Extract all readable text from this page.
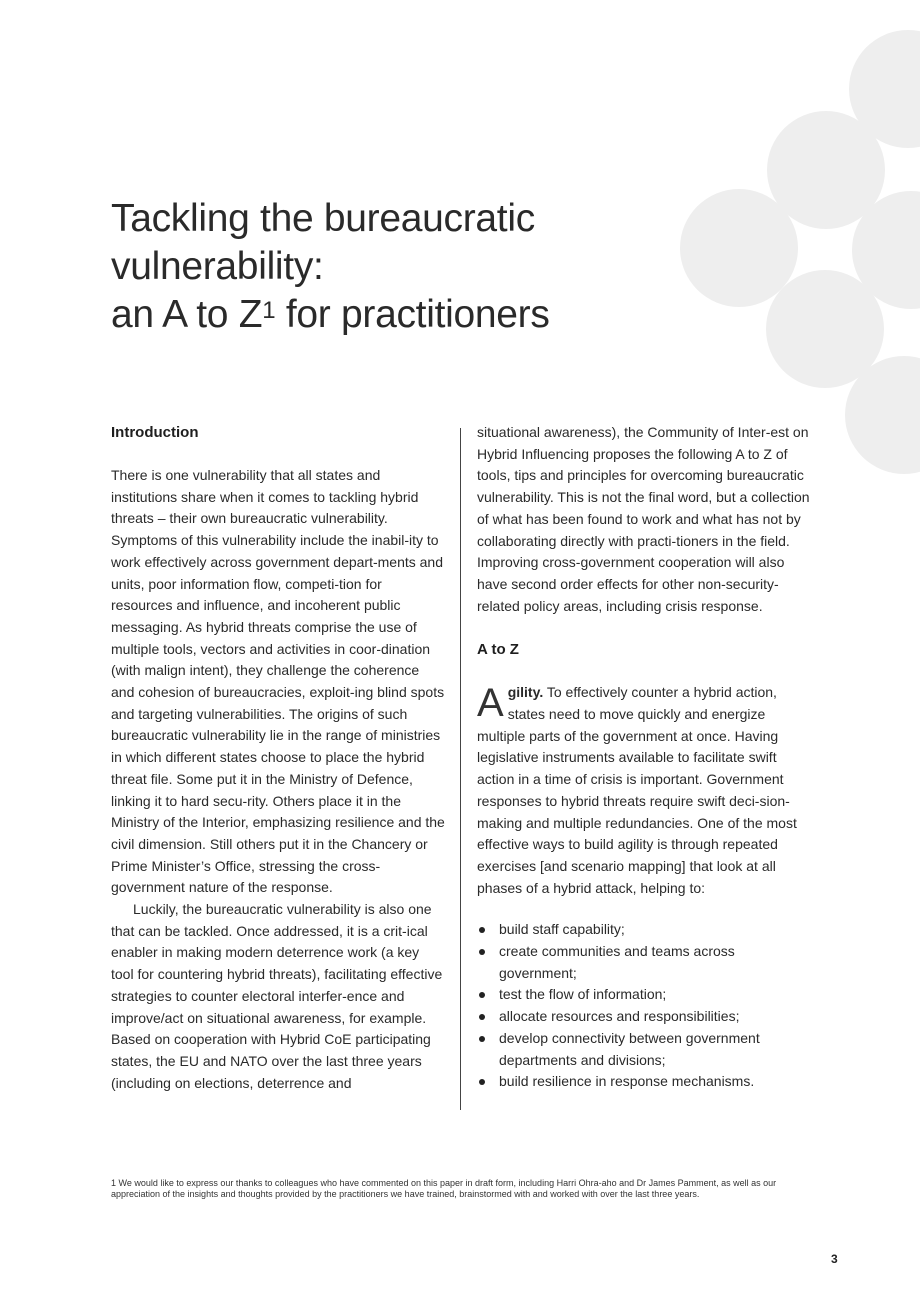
Tackling the bureaucratic
vulnerability:
an A to $Z^1$ for practitioners
Introduction

There is one vulnerability that all states and institutions share when it comes to tackling hybrid threats – their own bureaucratic vulnerability. Symptoms of this vulnerability include the inabil-ity to work effectively across government depart-ments and units, poor information flow, competi-tion for resources and influence, and incoherent public messaging. As hybrid threats comprise the use of multiple tools, vectors and activities in coor-dination (with malign intent), they challenge the coherence and cohesion of bureaucracies, exploit-ing blind spots and targeting vulnerabilities. The origins of such bureaucratic vulnerability lie in the range of ministries in which different states choose to place the hybrid threat file. Some put it in the Ministry of Defence, linking it to hard secu-rity. Others place it in the Ministry of the Interior, emphasizing resilience and the civil dimension. Still others put it in the Chancery or Prime Minister’s Office, stressing the cross-government nature of the response.

Luckily, the bureaucratic vulnerability is also one that can be tackled. Once addressed, it is a crit-ical enabler in making modern deterrence work (a key tool for countering hybrid threats), facilitating effective strategies to counter electoral interfer-ence and improve/act on situational awareness, for example. Based on cooperation with Hybrid CoE participating states, the EU and NATO over the last three years (including on elections, deterrence and

situational awareness), the Community of Inter-est on Hybrid Influencing proposes the following A to Z of tools, tips and principles for overcoming bureaucratic vulnerability. This is not the final word, but a collection of what has been found to work and what has not by collaborating directly with practi-tioners in the field. Improving cross-government cooperation will also have second order effects for other non-security-related policy areas, including crisis response.

A to Z

Agility. To effectively counter a hybrid action, states need to move quickly and energize multiple parts of the government at once. Having legislative instruments available to facilitate swift action in a time of crisis is important. Government responses to hybrid threats require swift deci-sion-making and multiple redundancies. One of the most effective ways to build agility is through repeated exercises [and scenario mapping] that look at all phases of a hybrid attack, helping to:

build staff capability;
create communities and teams across government;
test the flow of information;
allocate resources and responsibilities;
develop connectivity between government departments and divisions;
build resilience in response mechanisms.
1 We would like to express our thanks to colleagues who have commented on this paper in draft form, including Harri Ohra-aho and Dr James Pamment, as well as our appreciation of the insights and thoughts provided by the practitioners we have trained, brainstormed with and worked with over the last three years.
3
